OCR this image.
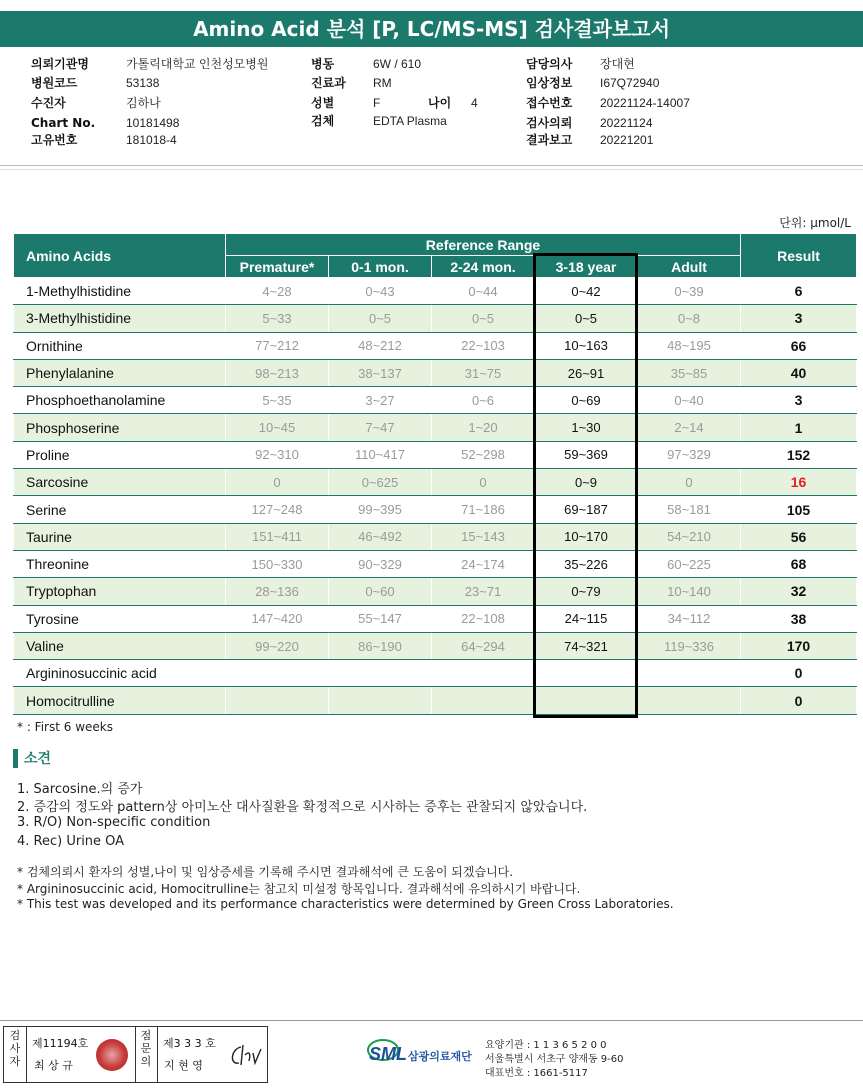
Amino Acid 분석 [P, LC/MS-MS] 검사결과보고서
의뢰기관명	가톨릭대학교 인천성모병원
병원코드	53138
수진자	김하나
Chart No.	10181498
고유번호	181018-4
병동	6W / 610
진료과 RM
성별	F	나이 4
검체	EDTA Plasma
담당의사 장대현
임상정보 I67Q72940
접수번호 20221124-14007
검사의뢰 20221124
결과보고 20221201
단위: µmol/L
Amino Acids	Reference Range					Result
	Premature*	0-1 mon.	2-24 mon.	3-18 year	Adult	
1-Methylhistidine	4~28	0~43	0~44	0~42	0~39	6
3-Methylhistidine	5~33	0~5	0~5	0~5	0~8	3
Ornithine	77~212	48~212	22~103	10~163	48~195	66
Phenylalanine	98~213	38~137	31~75	26~91	35~85	40
Phosphoethanolamine	5~35	3~27	0~6	0~69	0~40	3
Phosphoserine	10~45	7~47	1~20	1~30	2~14	1
Proline	92~310	110~417	52~298	59~369	97~329	152
Sarcosine	0	0~625	0	0~9	0	16
Serine	127~248	99~395	71~186	69~187	58~181	105
Taurine	151~411	46~492	15~143	10~170	54~210	56
Threonine	150~330	90~329	24~174	35~226	60~225	68
Tryptophan	28~136	0~60	23~71	0~79	10~140	32
Tyrosine	147~420	55~147	22~108	24~115	34~112	38
Valine	99~220	86~190	64~294	74~321	119~336	170
Argininosuccinic acid						0
Homocitrulline						0
* : First 6 weeks
소견
1. Sarcosine.의 증가
2. 증감의 정도와 pattern상 아미노산 대사질환을 확정적으로 시사하는 증후는 관찰되지 않았습니다.
3. R/O) Non-specific condition
4. Rec) Urine OA
* 검체의뢰시 환자의 성별,나이 및 임상증세를 기록해 주시면 결과해석에 큰 도움이 되겠습니다.
* Argininosuccinic acid, Homocitrulline는 참고치 미설정 항목입니다. 결과해석에 유의하시기 바랍니다.
* This test was developed and its performance characteristics were determined by Green Cross Laboratories.
검사자
제11194호
최 상 규
점문의
제3 3 3 호
지 현 영
SML 삼광의료재단
요양기관 : 1 1 3 6 5 2 0 0
서울특별시 서초구 양재동 9-60
대표번호 : 1661-5117
